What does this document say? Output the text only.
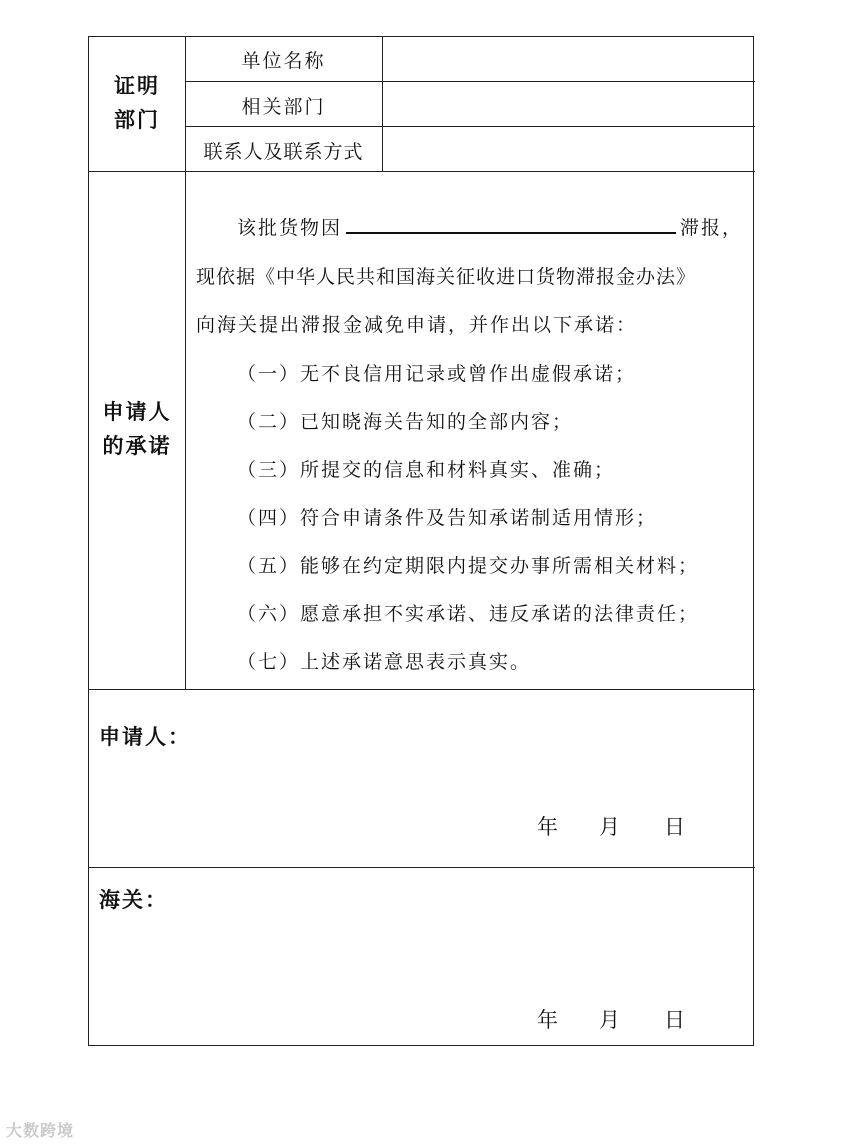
证明
部门
单位名称
相关部门
联系人及联系方式
申请人
的承诺
该批货物因	滞报，
现依据《中华人民共和国海关征收进口货物滞报金办法》
向海关提出滞报金减免申请，并作出以下承诺：
（一）无不良信用记录或曾作出虚假承诺；
（二）已知晓海关告知的全部内容；
（三）所提交的信息和材料真实、准确；
（四）符合申请条件及告知承诺制适用情形；
（五）能够在约定期限内提交办事所需相关材料；
（六）愿意承担不实承诺、违反承诺的法律责任；
（七）上述承诺意思表示真实。
申请人：
年 月 日
海关：
年 月 日
大数跨境
